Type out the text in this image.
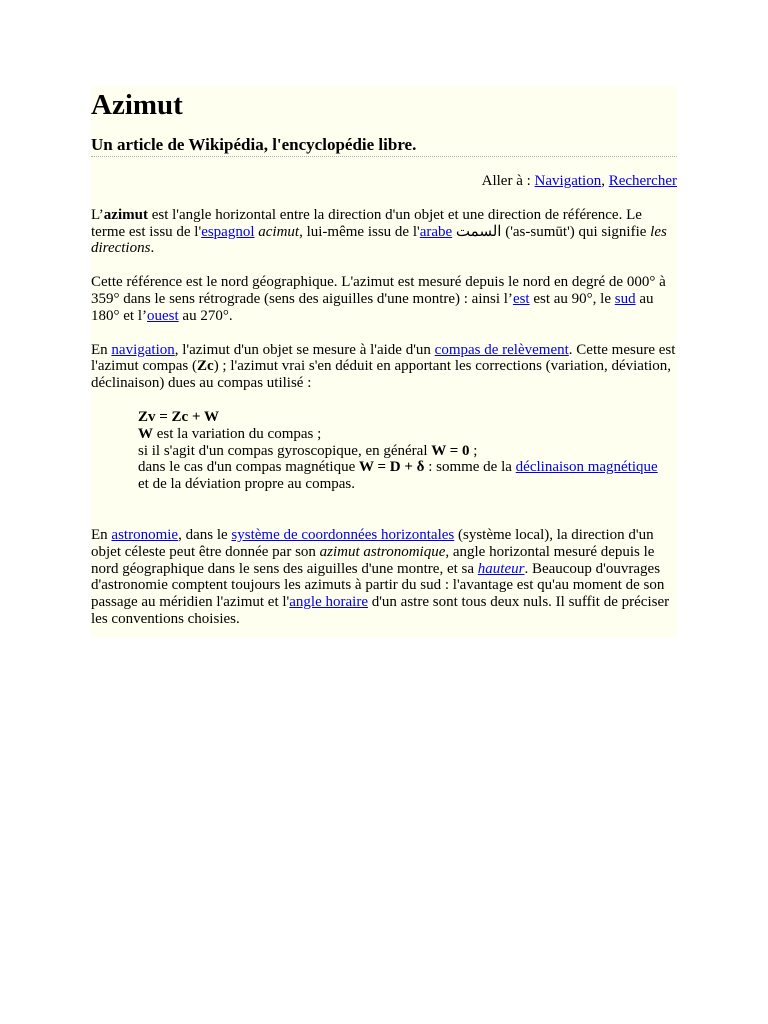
Azimut
Un article de Wikipédia, l'encyclopédie libre.
Aller à : Navigation, Rechercher

L’azimut est l'angle horizontal entre la direction d'un objet et une direction de référence. Le terme est issu de l'espagnol acimut, lui-même issu de l'arabe السمت ('as-sumūt') qui signifie les directions.

Cette référence est le nord géographique. L'azimut est mesuré depuis le nord en degré de 000° à 359° dans le sens rétrograde (sens des aiguilles d'une montre) : ainsi l’est est au 90°, le sud au 180° et l’ouest au 270°.

En navigation, l'azimut d'un objet se mesure à l'aide d'un compas de relèvement. Cette mesure est l'azimut compas (Zc) ; l'azimut vrai s'en déduit en apportant les corrections (variation, déviation, déclinaison) dues au compas utilisé :

Zv = Zc + W
W est la variation du compas ;
si il s'agit d'un compas gyroscopique, en général W = 0 ;
dans le cas d'un compas magnétique W = D + δ : somme de la déclinaison magnétique
et de la déviation propre au compas.

En astronomie, dans le système de coordonnées horizontales (système local), la direction d'un objet céleste peut être donnée par son azimut astronomique, angle horizontal mesuré depuis le nord géographique dans le sens des aiguilles d'une montre, et sa hauteur. Beaucoup d'ouvrages d'astronomie comptent toujours les azimuts à partir du sud : l'avantage est qu'au moment de son passage au méridien l'azimut et l'angle horaire d'un astre sont tous deux nuls. Il suffit de préciser les conventions choisies.
